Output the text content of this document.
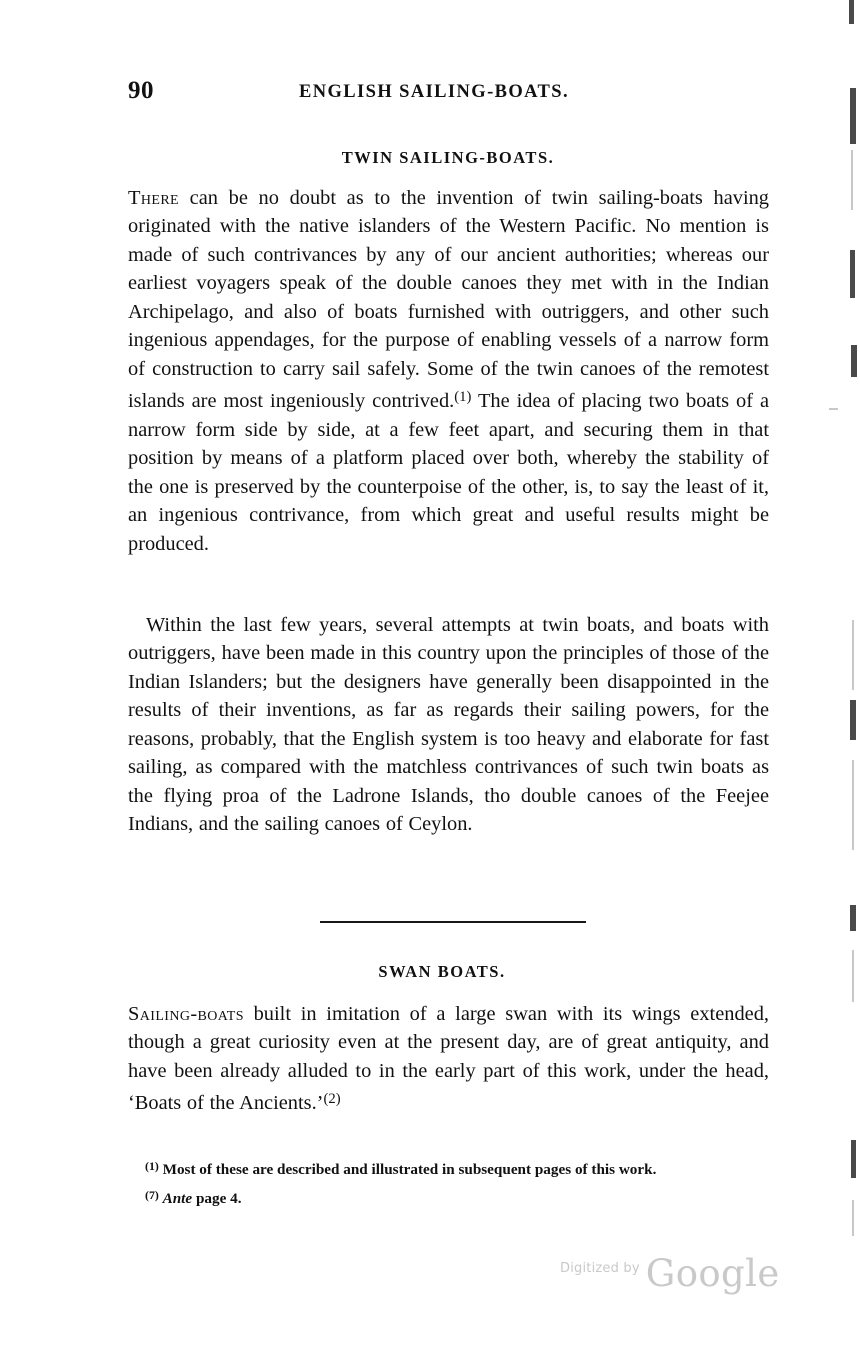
90	ENGLISH SAILING-BOATS.
TWIN SAILING-BOATS.
There can be no doubt as to the invention of twin sailing-boats having originated with the native islanders of the Western Pacific. No mention is made of such contrivances by any of our ancient authorities; whereas our earliest voyagers speak of the double canoes they met with in the Indian Archipelago, and also of boats furnished with outriggers, and other such ingenious appendages, for the purpose of enabling vessels of a narrow form of construction to carry sail safely. Some of the twin canoes of the remotest islands are most ingeniously contrived.$^{(1)}$ The idea of placing two boats of a narrow form side by side, at a few feet apart, and securing them in that position by means of a platform placed over both, whereby the stability of the one is preserved by the counterpoise of the other, is, to say the least of it, an ingenious contrivance, from which great and useful results might be produced.
Within the last few years, several attempts at twin boats, and boats with outriggers, have been made in this country upon the principles of those of the Indian Islanders; but the designers have generally been disappointed in the results of their inventions, as far as regards their sailing powers, for the reasons, probably, that the English system is too heavy and elaborate for fast sailing, as compared with the matchless contrivances of such twin boats as the flying proa of the Ladrone Islands, tho double canoes of the Feejee Indians, and the sailing canoes of Ceylon.
SWAN BOATS.
Sailing-boats built in imitation of a large swan with its wings extended, though a great curiosity even at the present day, are of great antiquity, and have been already alluded to in the early part of this work, under the head, ‘Boats of the Ancients.’$^{(2)}$

$^{(1)}$ Most of these are described and illustrated in subsequent pages of this work.

$^{(7)}$ Ante page 4.

$^{Digitized by}$ Google
